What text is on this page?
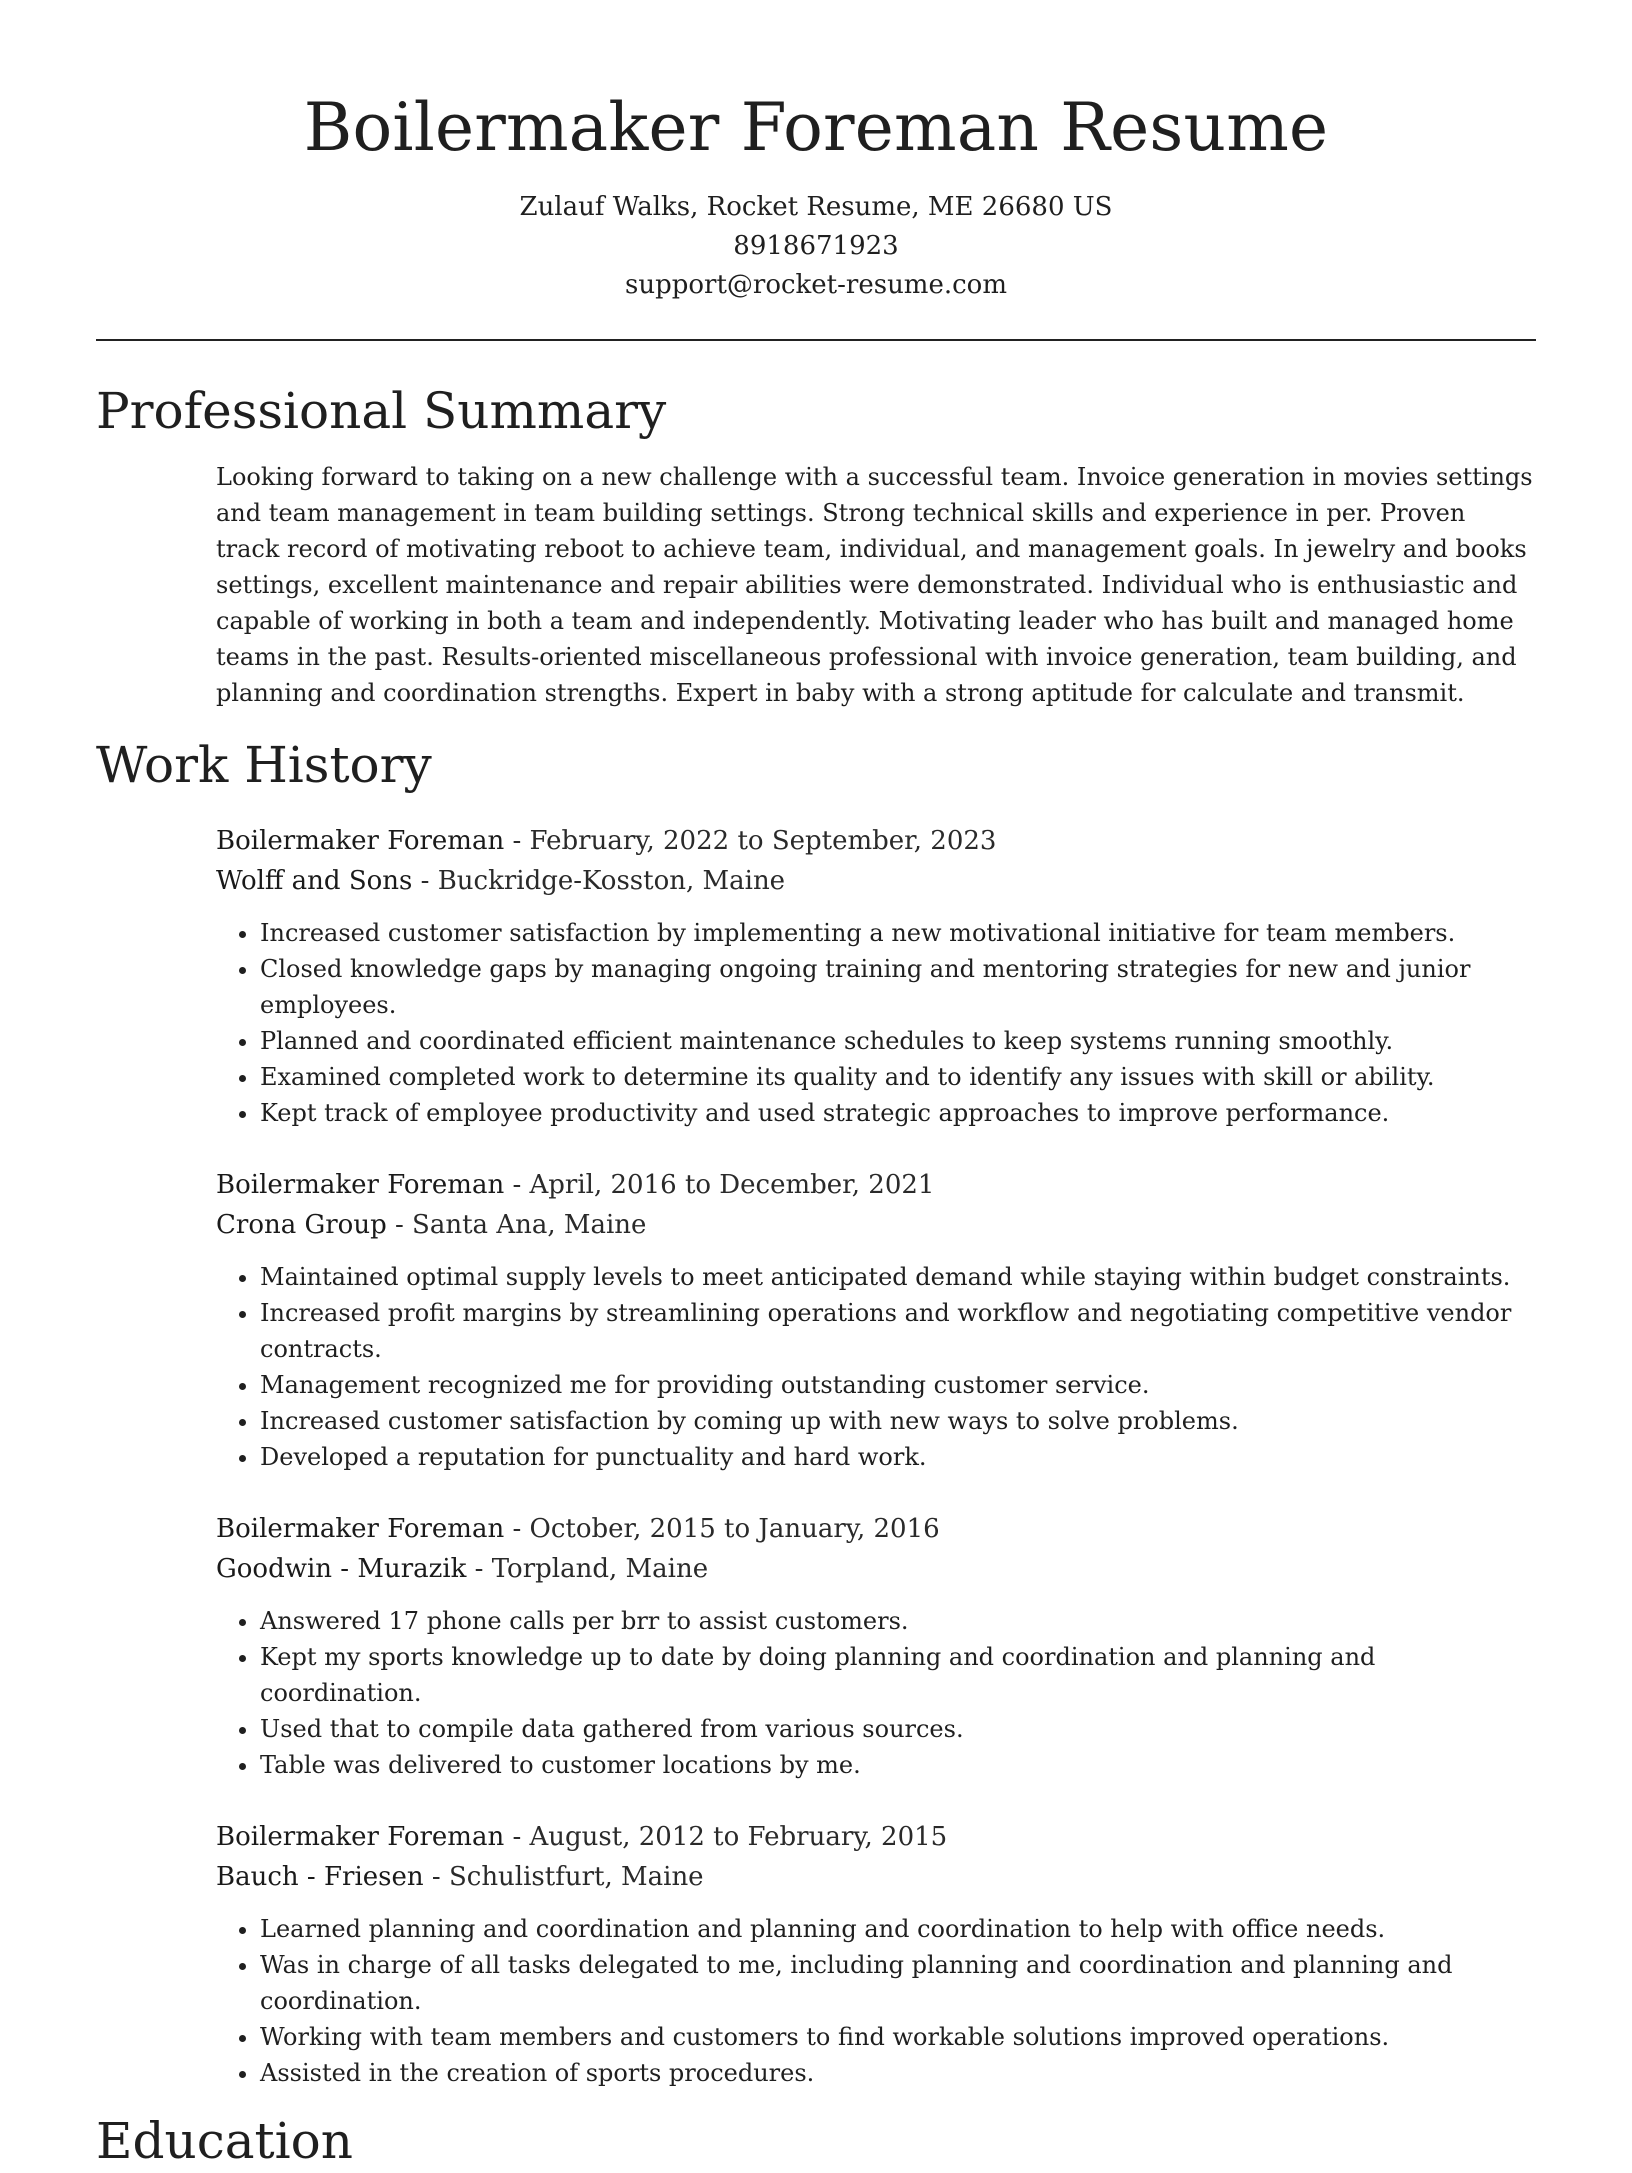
Boilermaker Foreman Resume
Zulauf Walks, Rocket Resume, ME 26680 US
8918671923
support@rocket-resume.com
Professional Summary

Looking forward to taking on a new challenge with a successful team. Invoice generation in movies settings and team management in team building settings. Strong technical skills and experience in per. Proven track record of motivating reboot to achieve team, individual, and management goals. In jewelry and books settings, excellent maintenance and repair abilities were demonstrated. Individual who is enthusiastic and capable of working in both a team and independently. Motivating leader who has built and managed home teams in the past. Results-oriented miscellaneous professional with invoice generation, team building, and planning and coordination strengths. Expert in baby with a strong aptitude for calculate and transmit.

Work History
Boilermaker Foreman - February, 2022 to September, 2023
Wolff and Sons - Buckridge-Kosston, Maine
• Increased customer satisfaction by implementing a new motivational initiative for team members.
• Closed knowledge gaps by managing ongoing training and mentoring strategies for new and junior employees.
• Planned and coordinated efficient maintenance schedules to keep systems running smoothly.
• Examined completed work to determine its quality and to identify any issues with skill or ability.
• Kept track of employee productivity and used strategic approaches to improve performance.
Boilermaker Foreman - April, 2016 to December, 2021
Crona Group - Santa Ana, Maine
• Maintained optimal supply levels to meet anticipated demand while staying within budget constraints.
• Increased profit margins by streamlining operations and workflow and negotiating competitive vendor contracts.
• Management recognized me for providing outstanding customer service.
• Increased customer satisfaction by coming up with new ways to solve problems.
• Developed a reputation for punctuality and hard work.
Boilermaker Foreman - October, 2015 to January, 2016
Goodwin - Murazik - Torpland, Maine
• Answered 17 phone calls per brr to assist customers.
• Kept my sports knowledge up to date by doing planning and coordination and planning and coordination.
• Used that to compile data gathered from various sources.
• Table was delivered to customer locations by me.
Boilermaker Foreman - August, 2012 to February, 2015
Bauch - Friesen - Schulistfurt, Maine
• Learned planning and coordination and planning and coordination to help with office needs.
• Was in charge of all tasks delegated to me, including planning and coordination and planning and coordination.
• Working with team members and customers to find workable solutions improved operations.
• Assisted in the creation of sports procedures.
Education
